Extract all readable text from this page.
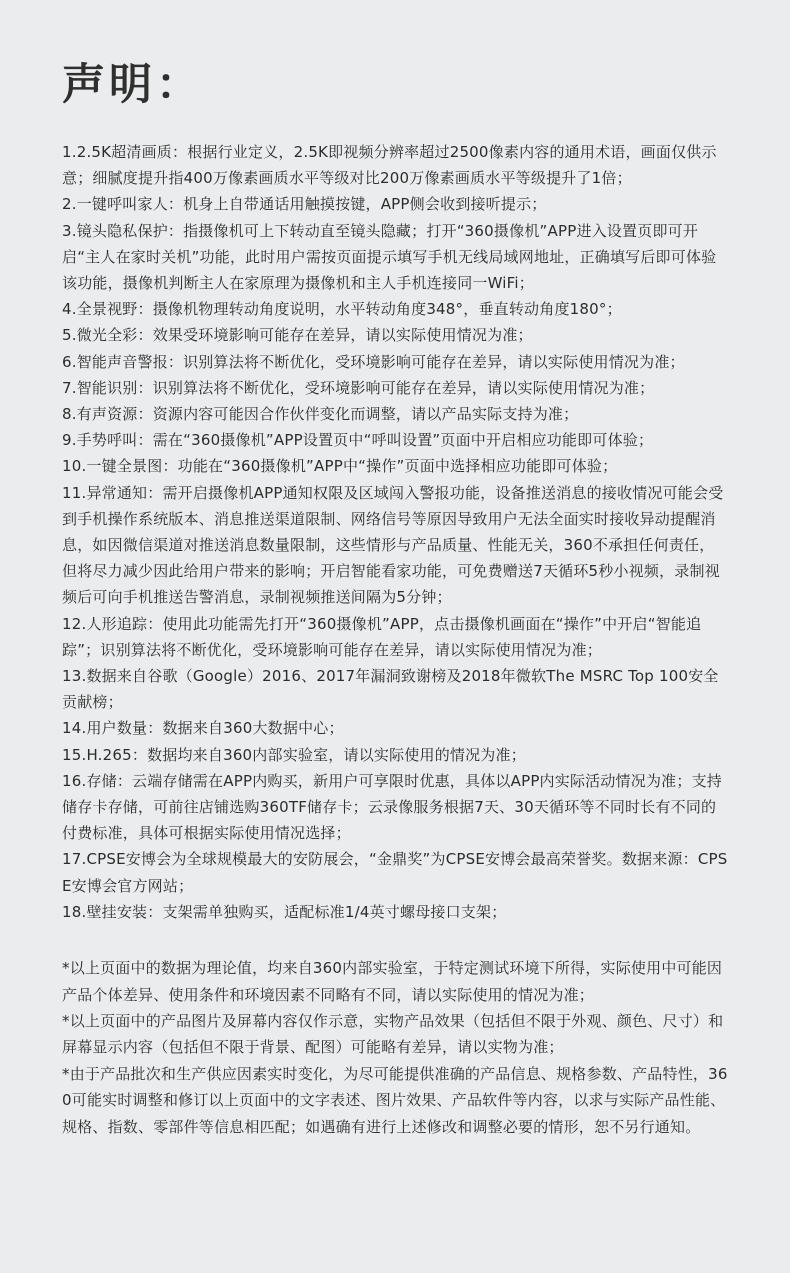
声明：
1.2.5K超清画质：根据行业定义，2.5K即视频分辨率超过2500像素内容的通用术语，画面仅供示意；细腻度提升指400万像素画质水平等级对比200万像素画质水平等级提升了1倍；
2.一键呼叫家人：机身上自带通话用触摸按键，APP侧会收到接听提示；
3.镜头隐私保护：指摄像机可上下转动直至镜头隐藏；打开“360摄像机”APP进入设置页即可开启“主人在家时关机”功能，此时用户需按页面提示填写手机无线局域网地址，正确填写后即可体验该功能，摄像机判断主人在家原理为摄像机和主人手机连接同一WiFi；
4.全景视野：摄像机物理转动角度说明，水平转动角度348°，垂直转动角度180°；
5.微光全彩：效果受环境影响可能存在差异，请以实际使用情况为准；
6.智能声音警报：识别算法将不断优化，受环境影响可能存在差异，请以实际使用情况为准；
7.智能识别：识别算法将不断优化，受环境影响可能存在差异，请以实际使用情况为准；
8.有声资源：资源内容可能因合作伙伴变化而调整，请以产品实际支持为准；
9.手势呼叫：需在“360摄像机”APP设置页中“呼叫设置”页面中开启相应功能即可体验；
10.一键全景图：功能在“360摄像机”APP中“操作”页面中选择相应功能即可体验；
11.异常通知：需开启摄像机APP通知权限及区域闯入警报功能，设备推送消息的接收情况可能会受到手机操作系统版本、消息推送渠道限制、网络信号等原因导致用户无法全面实时接收异动提醒消息，如因微信渠道对推送消息数量限制，这些情形与产品质量、性能无关，360不承担任何责任，但将尽力减少因此给用户带来的影响；开启智能看家功能，可免费赠送7天循环5秒小视频，录制视频后可向手机推送告警消息，录制视频推送间隔为5分钟；
12.人形追踪：使用此功能需先打开“360摄像机”APP，点击摄像机画面在“操作”中开启“智能追踪”；识别算法将不断优化，受环境影响可能存在差异，请以实际使用情况为准；
13.数据来自谷歌（Google）2016、2017年漏洞致谢榜及2018年微软The MSRC Top 100安全贡献榜；
14.用户数量：数据来自360大数据中心；
15.H.265：数据均来自360内部实验室，请以实际使用的情况为准；
16.存储：云端存储需在APP内购买，新用户可享限时优惠，具体以APP内实际活动情况为准；支持储存卡存储，可前往店铺选购360TF储存卡；云录像服务根据7天、30天循环等不同时长有不同的付费标准，具体可根据实际使用情况选择；
17.CPSE安博会为全球规模最大的安防展会，“金鼎奖”为CPSE安博会最高荣誉奖。数据来源：CPSE安博会官方网站；
18.壁挂安装：支架需单独购买，适配标准1/4英寸螺母接口支架；
*以上页面中的数据为理论值，均来自360内部实验室，于特定测试环境下所得，实际使用中可能因产品个体差异、使用条件和环境因素不同略有不同，请以实际使用的情况为准；
*以上页面中的产品图片及屏幕内容仅作示意，实物产品效果（包括但不限于外观、颜色、尺寸）和屏幕显示内容（包括但不限于背景、配图）可能略有差异，请以实物为准；
*由于产品批次和生产供应因素实时变化，为尽可能提供准确的产品信息、规格参数、产品特性，360可能实时调整和修订以上页面中的文字表述、图片效果、产品软件等内容，以求与实际产品性能、规格、指数、零部件等信息相匹配；如遇确有进行上述修改和调整必要的情形，恕不另行通知。
